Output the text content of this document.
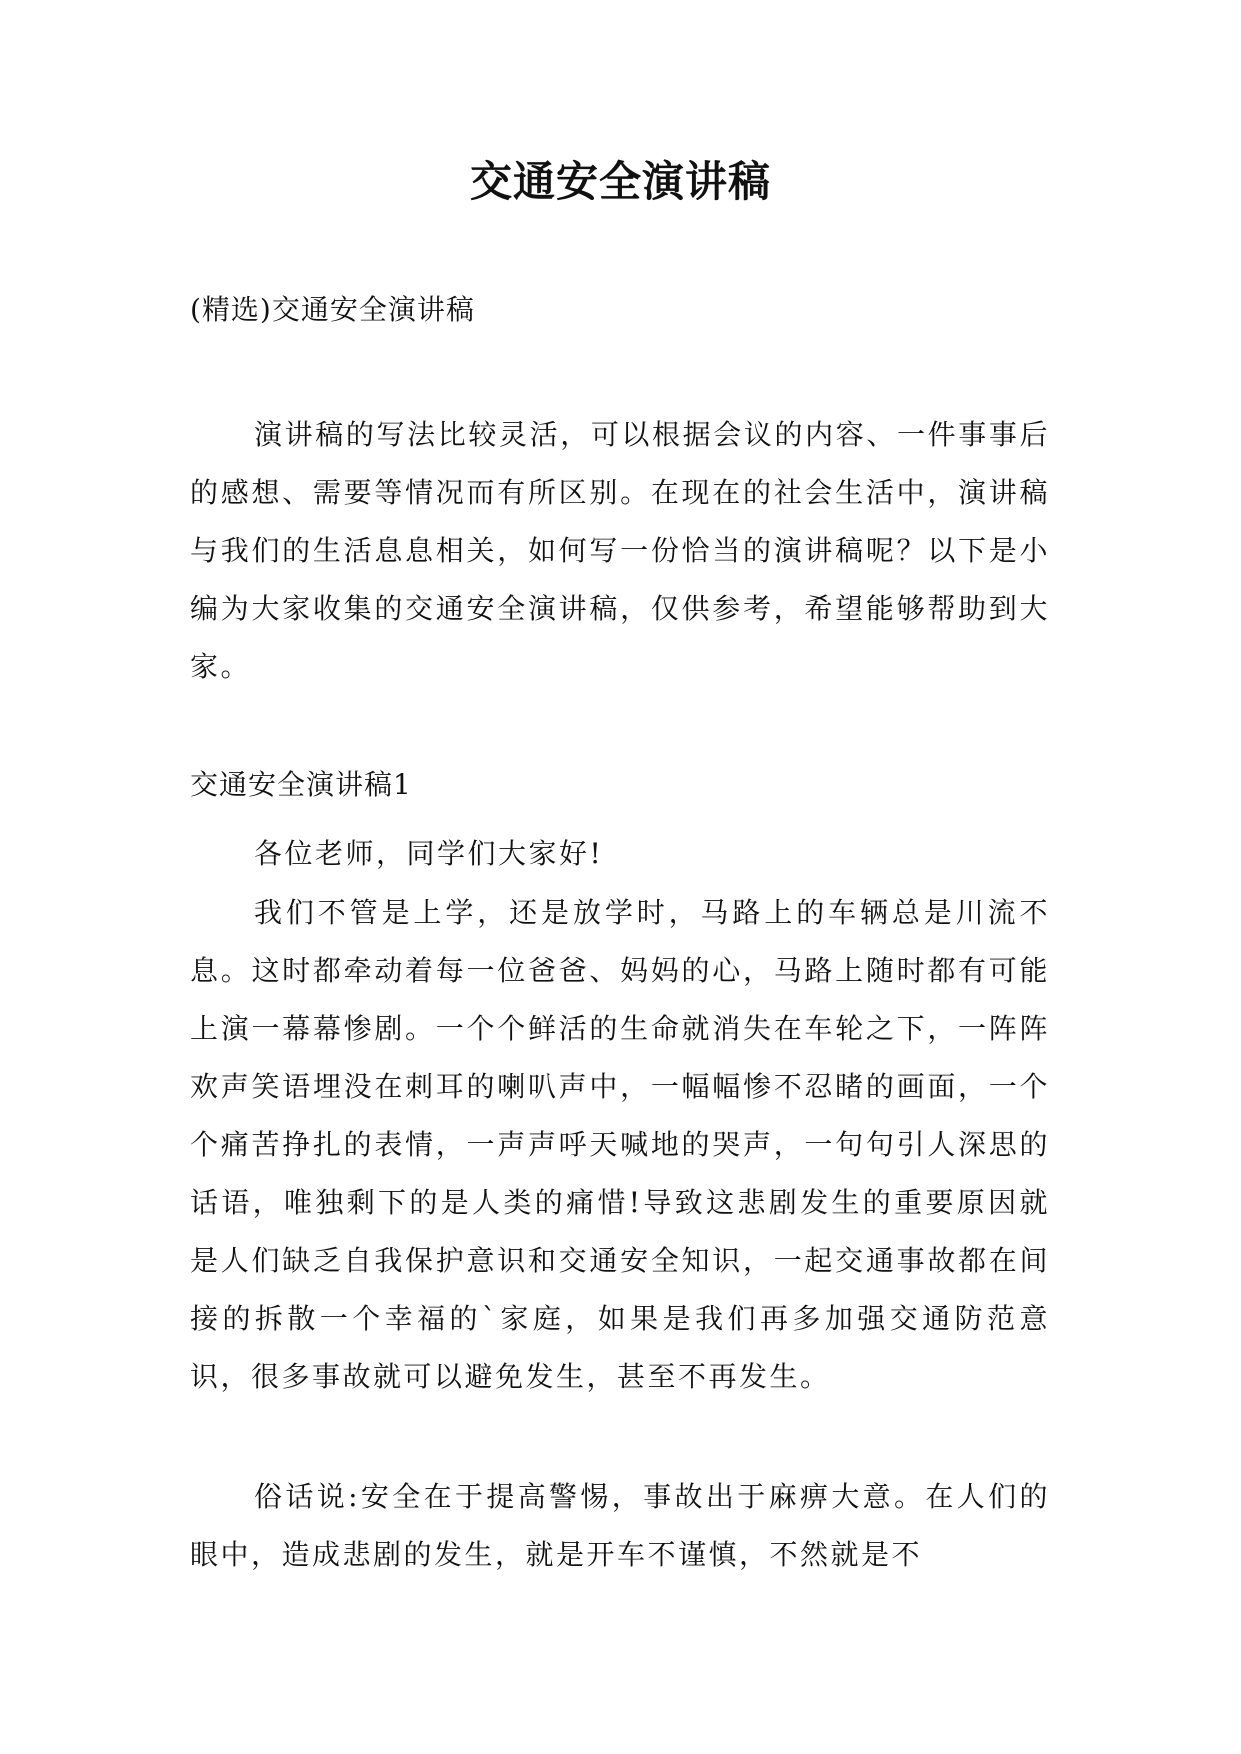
交通安全演讲稿
(精选)交通安全演讲稿

演讲稿的写法比较灵活，可以根据会议的内容、一件事事后的感想、需要等情况而有所区别。在现在的社会生活中，演讲稿与我们的生活息息相关，如何写一份恰当的演讲稿呢？以下是小编为大家收集的交通安全演讲稿，仅供参考，希望能够帮助到大家。

交通安全演讲稿1

各位老师，同学们大家好!

我们不管是上学，还是放学时，马路上的车辆总是川流不息。这时都牵动着每一位爸爸、妈妈的心，马路上随时都有可能上演一幕幕惨剧。一个个鲜活的生命就消失在车轮之下，一阵阵欢声笑语埋没在刺耳的喇叭声中，一幅幅惨不忍睹的画面，一个个痛苦挣扎的表情，一声声呼天喊地的哭声，一句句引人深思的话语，唯独剩下的是人类的痛惜!导致这悲剧发生的重要原因就是人们缺乏自我保护意识和交通安全知识，一起交通事故都在间接的拆散一个幸福的`家庭，如果是我们再多加强交通防范意识，很多事故就可以避免发生，甚至不再发生。

俗话说:安全在于提高警惕，事故出于麻痹大意。在人们的眼中，造成悲剧的发生，就是开车不谨慎，不然就是不
